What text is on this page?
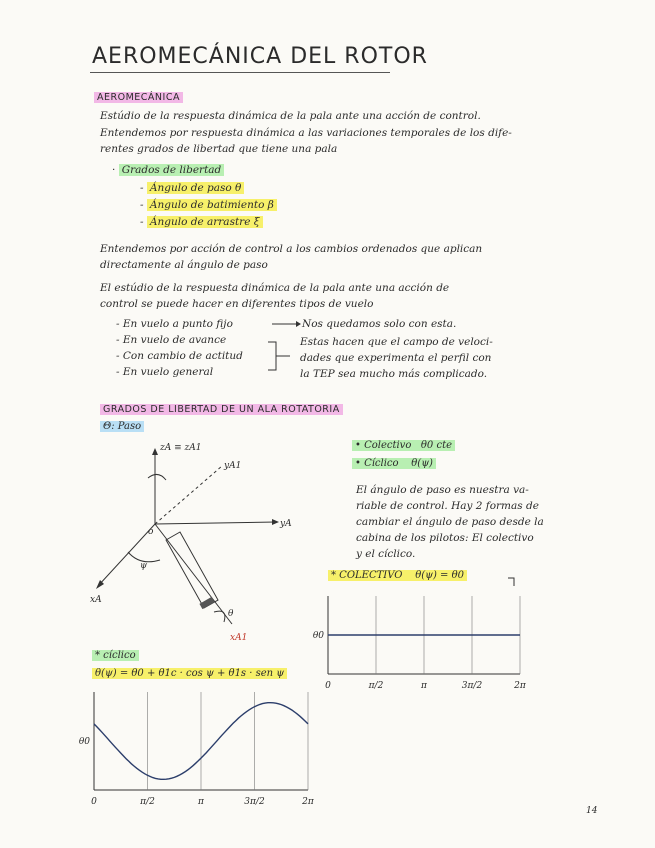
AEROMECÁNICA DEL ROTOR
AEROMECÁNICA
Estúdio de la respuesta dinámica de la pala ante una acción de control.
Entendemos por respuesta dinámica a las variaciones temporales de los dife-
rentes grados de libertad que tiene una pala
· Grados de libertad
- Ángulo de paso θ
- Ángulo de batimiento β
- Ángulo de arrastre ξ
Entendemos por acción de control a los cambios ordenados que aplican
directamente al ángulo de paso
El estúdio de la respuesta dinámica de la pala ante una acción de
control se puede hacer en diferentes tipos de vuelo
- En vuelo a punto fijo
- En vuelo de avance
- Con cambio de actitud
- En vuelo general
Nos quedamos solo con esta.
Estas hacen que el campo de veloci-
dades que experimenta el perfil con
la TEP sea mucho más complicado.
GRADOS DE LIBERTAD DE UN ALA ROTATORIA
Θ: Paso
• Colectivo θ0 cte
• Cíclico θ(ψ)
El ángulo de paso es nuestra va-
riable de control. Hay 2 formas de
cambiar el ángulo de paso desde la
cabina de los pilotos: El colectivo
y el cíclico.
* COLECTIVO θ(ψ) = θ0
* cíclico
θ(ψ) = θ0 + θ1c · cos ψ + θ1s · sen ψ
14
zA ≡ zA1
yA1
yA
xA
xA1
o
ψ
θ
0	π/2	π	3π/2	2π
θ0
0	π/2	π	3π/2	2π
θ0
